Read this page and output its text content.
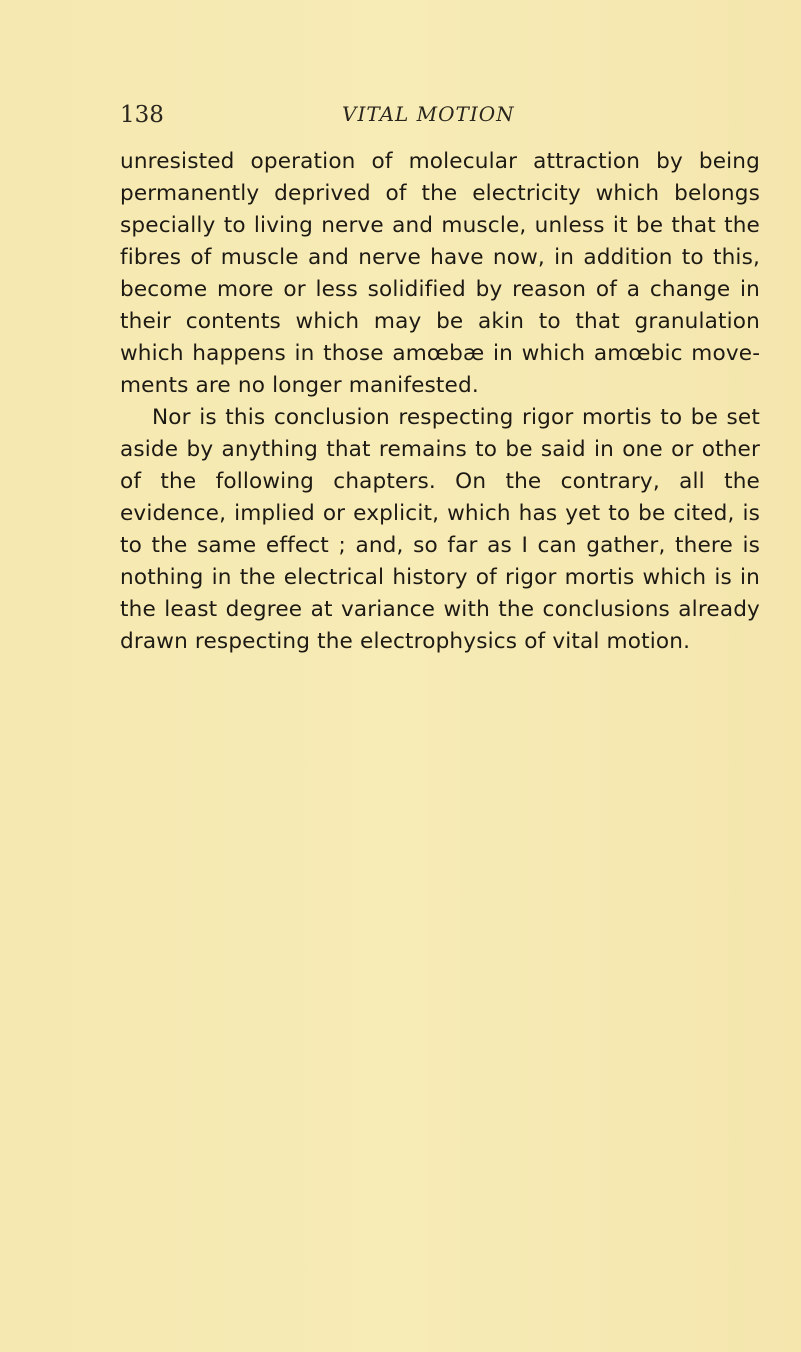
138	VITAL MOTION

unresisted operation of molecular attraction by being permanently deprived of the electricity which belongs specially to living nerve and muscle, unless it be that the fibres of muscle and nerve have now, in addition to this, become more or less solidified by reason of a change in their contents which may be akin to that granulation which happens in those amœbæ in which amœbic movements are no longer manifested.

Nor is this conclusion respecting rigor mortis to be set aside by anything that remains to be said in one or other of the following chapters. On the contrary, all the evidence, implied or explicit, which has yet to be cited, is to the same effect ; and, so far as I can gather, there is nothing in the electrical history of rigor mortis which is in the least degree at variance with the conclusions already drawn respecting the electrophysics of vital motion.
